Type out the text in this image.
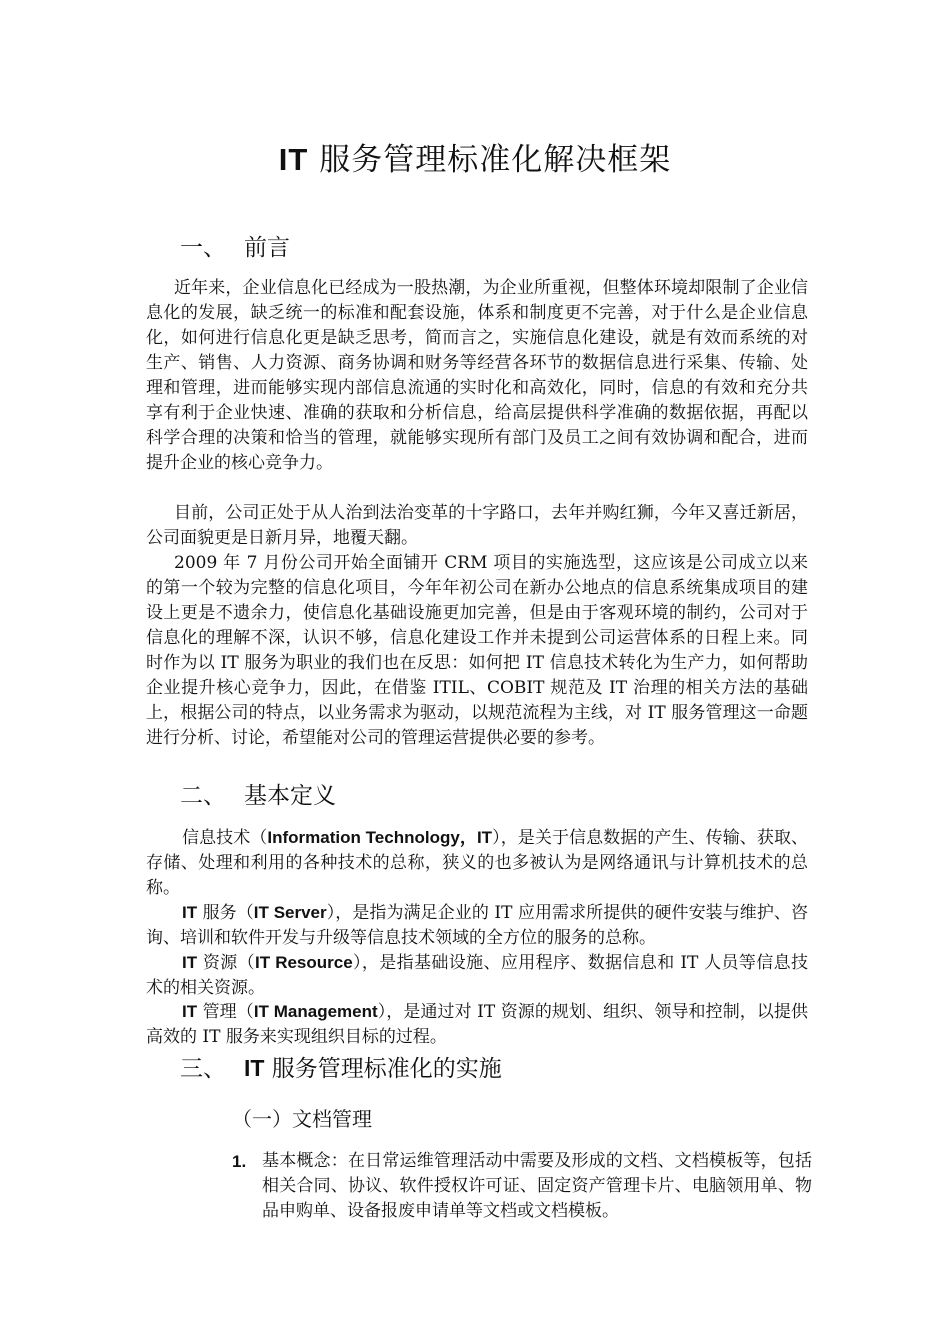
IT 服务管理标准化解决框架
一、 前言

近年来，企业信息化已经成为一股热潮，为企业所重视，但整体环境却限制了企业信息化的发展，缺乏统一的标准和配套设施，体系和制度更不完善，对于什么是企业信息化，如何进行信息化更是缺乏思考，简而言之，实施信息化建设，就是有效而系统的对生产、销售、人力资源、商务协调和财务等经营各环节的数据信息进行采集、传输、处理和管理，进而能够实现内部信息流通的实时化和高效化，同时，信息的有效和充分共享有利于企业快速、准确的获取和分析信息，给高层提供科学准确的数据依据，再配以科学合理的决策和恰当的管理，就能够实现所有部门及员工之间有效协调和配合，进而提升企业的核心竞争力。

目前，公司正处于从人治到法治变革的十字路口，去年并购红狮，今年又喜迁新居，公司面貌更是日新月异，地覆天翻。

2009 年 7 月份公司开始全面铺开 CRM 项目的实施选型，这应该是公司成立以来的第一个较为完整的信息化项目，今年年初公司在新办公地点的信息系统集成项目的建设上更是不遗余力，使信息化基础设施更加完善，但是由于客观环境的制约，公司对于信息化的理解不深，认识不够，信息化建设工作并未提到公司运营体系的日程上来。同时作为以 IT 服务为职业的我们也在反思：如何把 IT 信息技术转化为生产力，如何帮助企业提升核心竞争力，因此，在借鉴 ITIL、COBIT 规范及 IT 治理的相关方法的基础上，根据公司的特点，以业务需求为驱动，以规范流程为主线，对 IT 服务管理这一命题进行分析、讨论，希望能对公司的管理运营提供必要的参考。

二、 基本定义

信息技术（Information Technology，IT），是关于信息数据的产生、传输、获取、存储、处理和利用的各种技术的总称，狭义的也多被认为是网络通讯与计算机技术的总称。

IT 服务（IT Server），是指为满足企业的 IT 应用需求所提供的硬件安装与维护、咨询、培训和软件开发与升级等信息技术领域的全方位的服务的总称。

IT 资源（IT Resource），是指基础设施、应用程序、数据信息和 IT 人员等信息技术的相关资源。

IT 管理（IT Management），是通过对 IT 资源的规划、组织、领导和控制，以提供高效的 IT 服务来实现组织目标的过程。

三、 IT 服务管理标准化的实施
（一）文档管理
1. 基本概念：在日常运维管理活动中需要及形成的文档、文档模板等，包括相关合同、协议、软件授权许可证、固定资产管理卡片、电脑领用单、物品申购单、设备报废申请单等文档或文档模板。
